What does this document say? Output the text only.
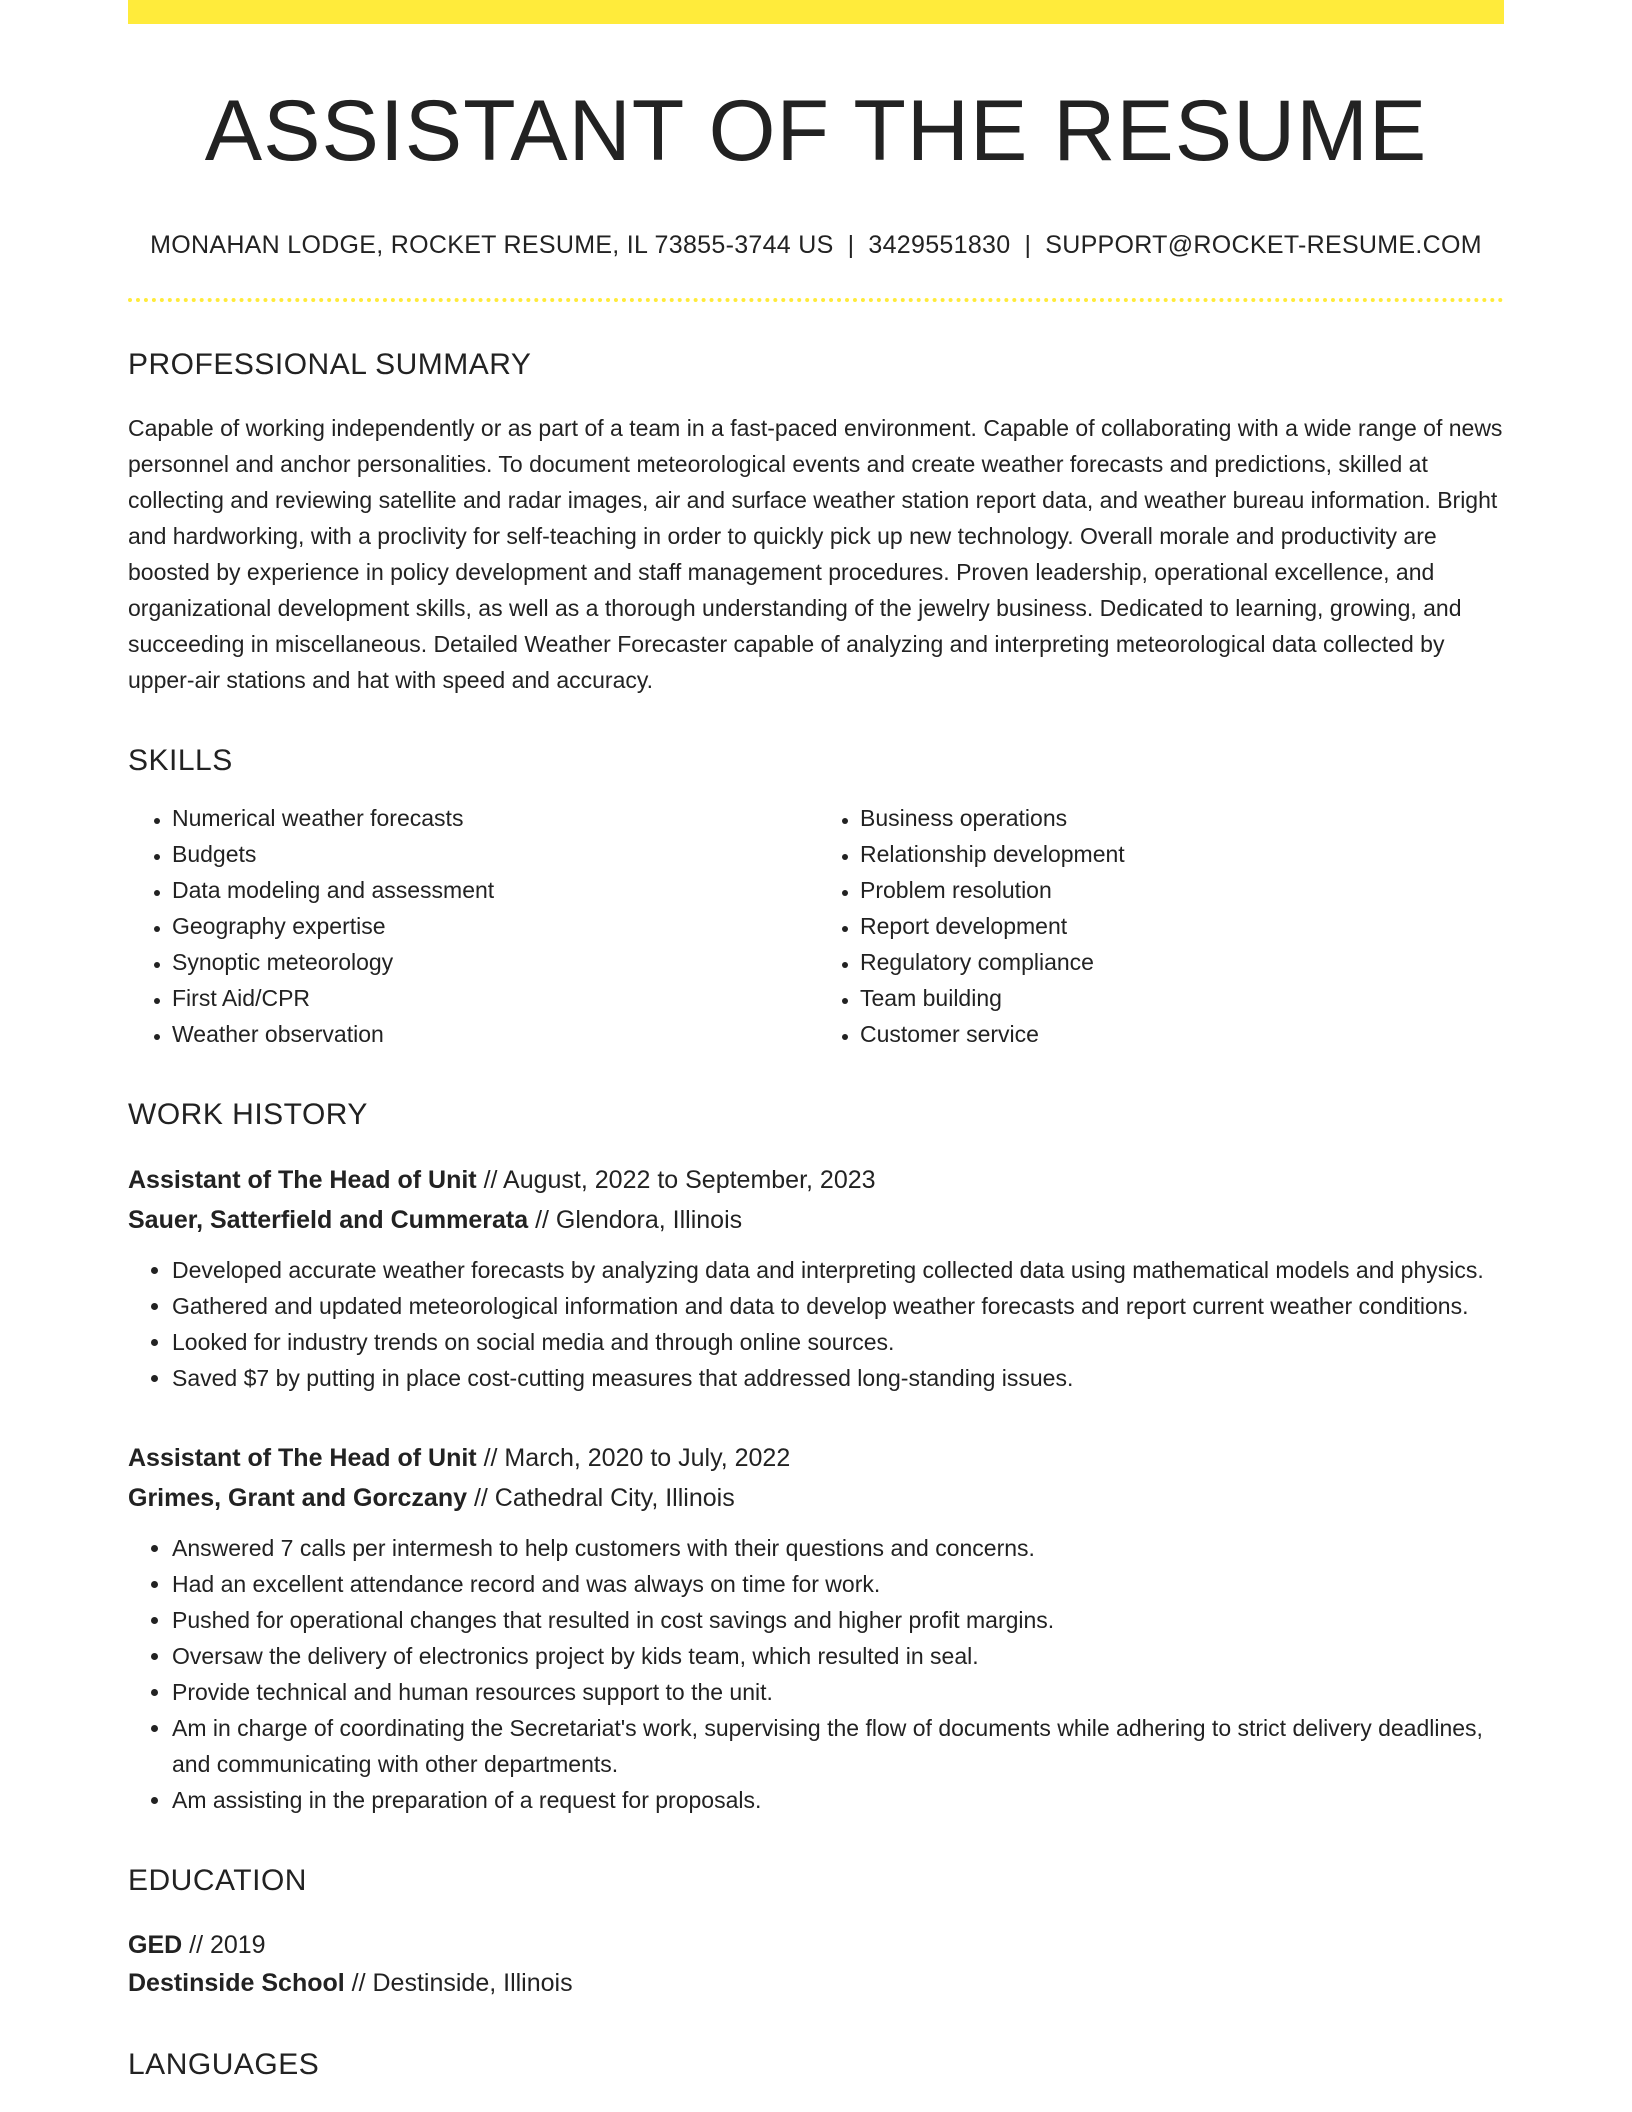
ASSISTANT OF THE RESUME
MONAHAN LODGE, ROCKET RESUME, IL 73855-3744 US | 3429551830 | SUPPORT@ROCKET-RESUME.COM
PROFESSIONAL SUMMARY
Capable of working independently or as part of a team in a fast-paced environment. Capable of collaborating with a wide range of news personnel and anchor personalities. To document meteorological events and create weather forecasts and predictions, skilled at collecting and reviewing satellite and radar images, air and surface weather station report data, and weather bureau information. Bright and hardworking, with a proclivity for self-teaching in order to quickly pick up new technology. Overall morale and productivity are boosted by experience in policy development and staff management procedures. Proven leadership, operational excellence, and organizational development skills, as well as a thorough understanding of the jewelry business. Dedicated to learning, growing, and succeeding in miscellaneous. Detailed Weather Forecaster capable of analyzing and interpreting meteorological data collected by upper-air stations and hat with speed and accuracy.
SKILLS
• Numerical weather forecasts
• Budgets
• Data modeling and assessment
• Geography expertise
• Synoptic meteorology
• First Aid/CPR
• Weather observation
• Business operations
• Relationship development
• Problem resolution
• Report development
• Regulatory compliance
• Team building
• Customer service
WORK HISTORY
Assistant of The Head of Unit // August, 2022 to September, 2023
Sauer, Satterfield and Cummerata // Glendora, Illinois
• Developed accurate weather forecasts by analyzing data and interpreting collected data using mathematical models and physics.
• Gathered and updated meteorological information and data to develop weather forecasts and report current weather conditions.
• Looked for industry trends on social media and through online sources.
• Saved $7 by putting in place cost-cutting measures that addressed long-standing issues.
Assistant of The Head of Unit // March, 2020 to July, 2022
Grimes, Grant and Gorczany // Cathedral City, Illinois
• Answered 7 calls per intermesh to help customers with their questions and concerns.
• Had an excellent attendance record and was always on time for work.
• Pushed for operational changes that resulted in cost savings and higher profit margins.
• Oversaw the delivery of electronics project by kids team, which resulted in seal.
• Provide technical and human resources support to the unit.
• Am in charge of coordinating the Secretariat's work, supervising the flow of documents while adhering to strict delivery deadlines, and communicating with other departments.
• Am assisting in the preparation of a request for proposals.
EDUCATION
GED // 2019
Destinside School // Destinside, Illinois
LANGUAGES
